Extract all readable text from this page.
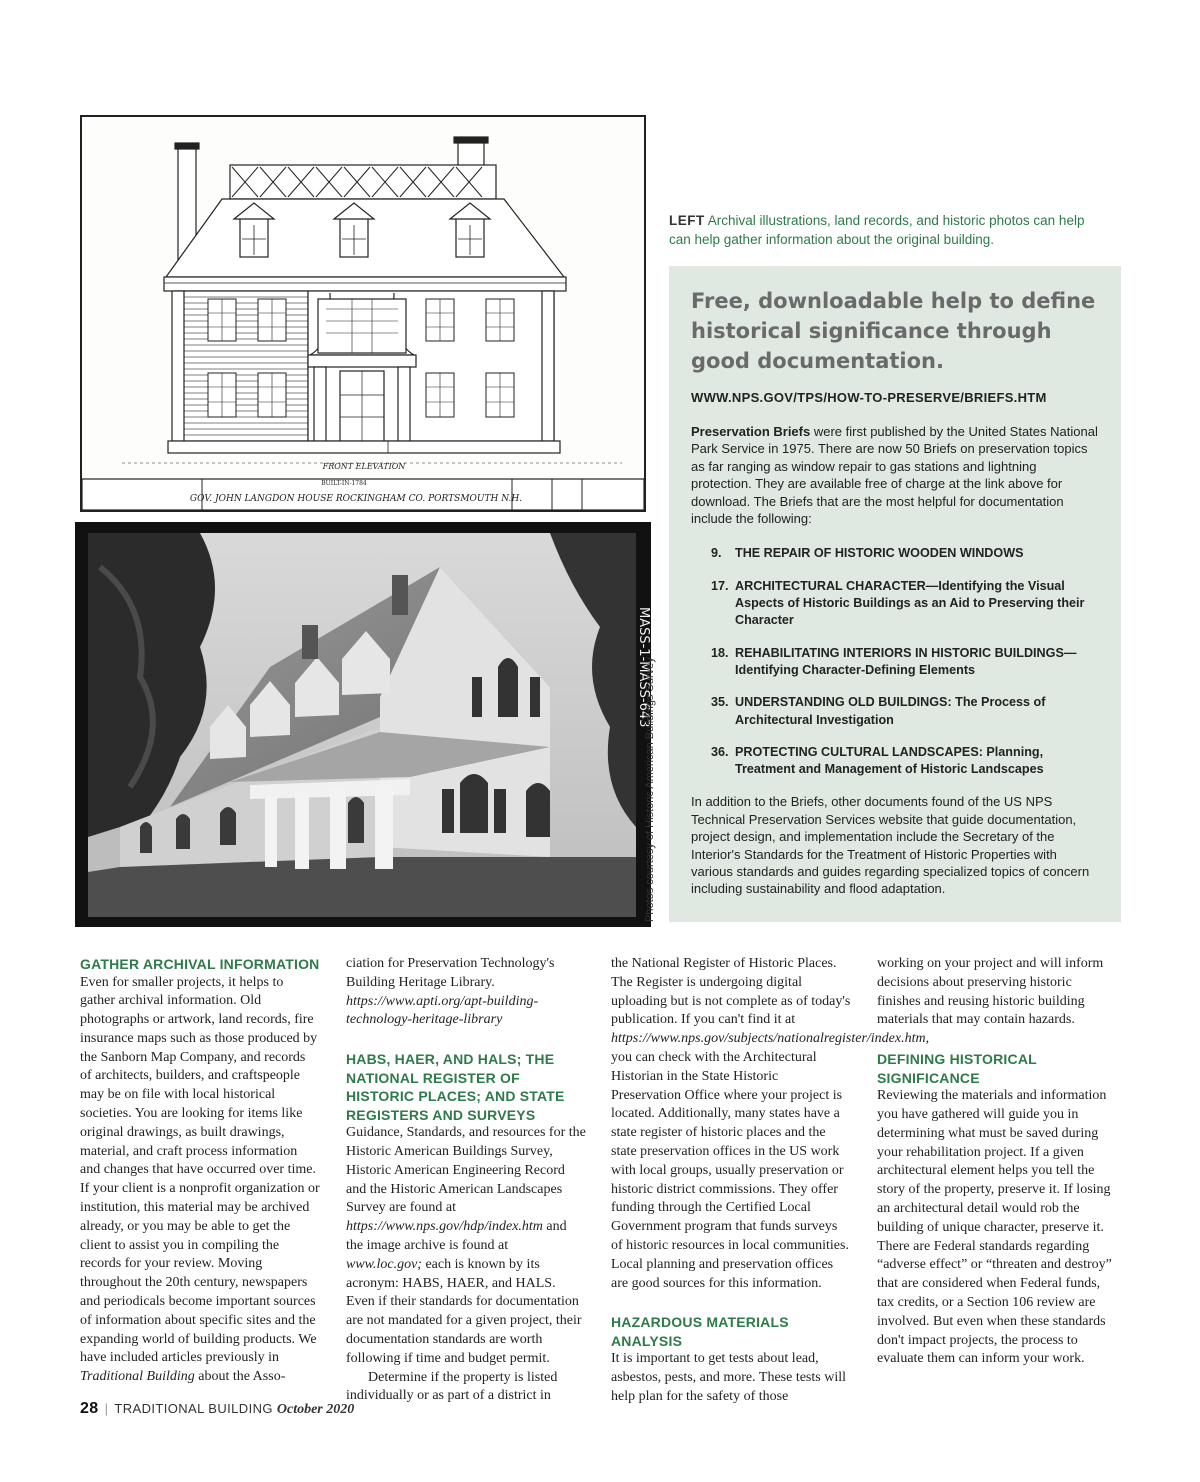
FRONT ELEVATION
BUILT-IN-1784
GOV. JOHN LANGDON HOUSE ROCKINGHAM CO. PORTSMOUTH N.H.
MASS-1-MASS-643
Photos courtesy of Historic American Buildings Survey
LEFT Archival illustrations, land records, and historic photos can help can help gather information about the original building.
Free, downloadable help to define historical significance through good documentation.
WWW.NPS.GOV/TPS/HOW-TO-PRESERVE/BRIEFS.HTM
Preservation Briefs were first published by the United States National Park Service in 1975. There are now 50 Briefs on preservation topics as far ranging as window repair to gas stations and lightning protection. They are available free of charge at the link above for download. The Briefs that are the most helpful for documentation include the following:
9.	THE REPAIR OF HISTORIC WOODEN WINDOWS
17. ARCHITECTURAL CHARACTER—Identifying the Visual Aspects of Historic Buildings as an Aid to Preserving their Character
18. REHABILITATING INTERIORS IN HISTORIC BUILDINGS—Identifying Character-Defining Elements
35. UNDERSTANDING OLD BUILDINGS: The Process of Architectural Investigation
36. PROTECTING CULTURAL LANDSCAPES: Planning, Treatment and Management of Historic Landscapes
In addition to the Briefs, other documents found of the US NPS Technical Preservation Services website that guide documentation, project design, and implementation include the Secretary of the Interior's Standards for the Treatment of Historic Properties with various standards and guides regarding specialized topics of concern including sustainability and flood adaptation.
GATHER ARCHIVAL INFORMATION

Even for smaller projects, it helps to gather archival information. Old photographs or artwork, land records, fire insurance maps such as those produced by the Sanborn Map Company, and records of architects, builders, and craftspeople may be on file with local historical societies. You are looking for items like original drawings, as built drawings, material, and craft process information and changes that have occurred over time. If your client is a nonprofit organization or institution, this material may be archived already, or you may be able to get the client to assist you in compiling the records for your review. Moving throughout the 20th century, newspapers and periodicals become important sources of information about specific sites and the expanding world of building products. We have included articles previously in Traditional Building about the Asso-

ciation for Preservation Technology's Building Heritage Library. https://www.apti.org/apt-building-technology-heritage-library

HABS, HAER, AND HALS; THE NATIONAL REGISTER OF HISTORIC PLACES; AND STATE REGISTERS AND SURVEYS

Guidance, Standards, and resources for the Historic American Buildings Survey, Historic American Engineering Record and the Historic American Landscapes Survey are found at https://www.nps.gov/hdp/index.htm and the image archive is found at www.loc.gov; each is known by its acronym: HABS, HAER, and HALS. Even if their standards for documentation are not mandated for a given project, their documentation standards are worth following if time and budget permit.

Determine if the property is listed individually or as part of a district in

the National Register of Historic Places. The Register is undergoing digital uploading but is not complete as of today's publication. If you can't find it at https://www.nps.gov/subjects/nationalregister/index.htm, you can check with the Architectural Historian in the State Historic Preservation Office where your project is located. Additionally, many states have a state register of historic places and the state preservation offices in the US work with local groups, usually preservation or historic district commissions. They offer funding through the Certified Local Government program that funds surveys of historic resources in local communities. Local planning and preservation offices are good sources for this information.

HAZARDOUS MATERIALS ANALYSIS

It is important to get tests about lead, asbestos, pests, and more. These tests will help plan for the safety of those

working on your project and will inform decisions about preserving historic finishes and reusing historic building materials that may contain hazards.

DEFINING HISTORICAL SIGNIFICANCE

Reviewing the materials and information you have gathered will guide you in determining what must be saved during your rehabilitation project. If a given architectural element helps you tell the story of the property, preserve it. If losing an architectural detail would rob the building of unique character, preserve it. There are Federal standards regarding “adverse effect” or “threaten and destroy” that are considered when Federal funds, tax credits, or a Section 106 review are involved. But even when these standards don't impact projects, the process to evaluate them can inform your work.

28 | TRADITIONAL BUILDING October 2020
